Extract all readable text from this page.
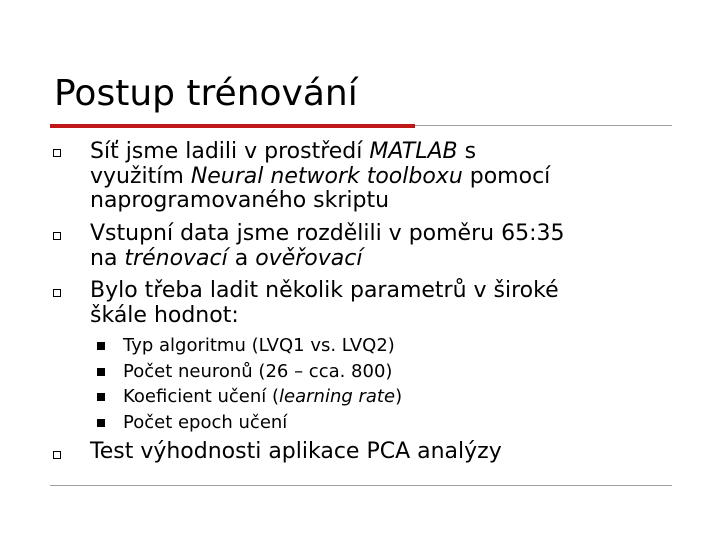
Postup trénování
Síť jsme ladili v prostředí MATLAB s
využitím Neural network toolboxu pomocí
naprogramovaného skriptu
Vstupní data jsme rozdělili v poměru 65:35
na trénovací a ověřovací
Bylo třeba ladit několik parametrů v široké
škále hodnot:
Typ algoritmu (LVQ1 vs. LVQ2)
Počet neuronů (26 – cca. 800)
Koeficient učení (learning rate)
Počet epoch učení
Test výhodnosti aplikace PCA analýzy
